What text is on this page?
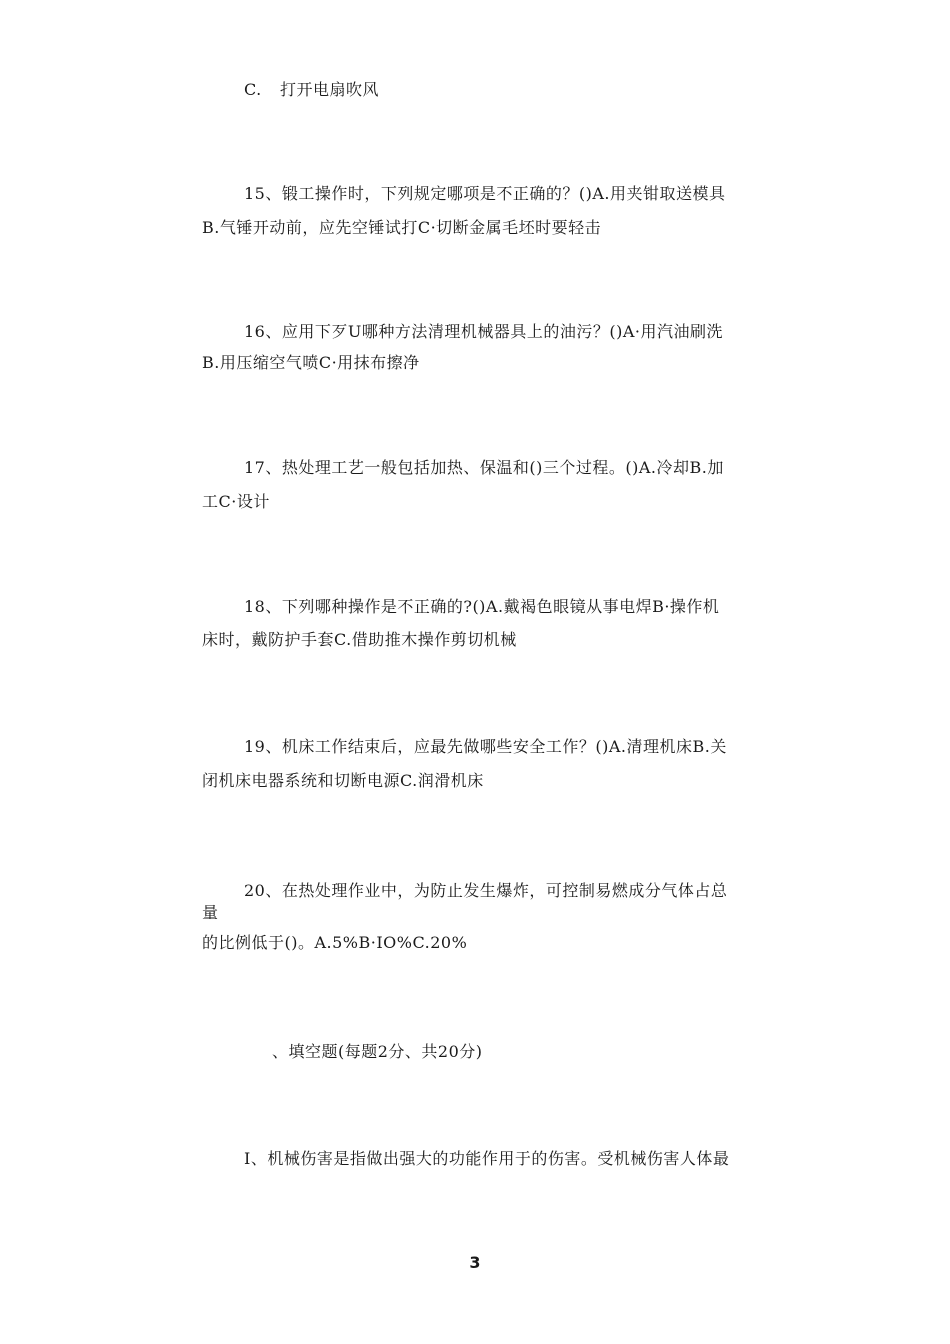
C. 打开电扇吹风
15、锻工操作时，下列规定哪项是不正确的？()A.用夹钳取送模具
B.气锤开动前，应先空锤试打C·切断金属毛坯时要轻击
16、应用下歹U哪种方法清理机械器具上的油污？()A·用汽油刷洗
B.用压缩空气喷C·用抹布擦净
17、热处理工艺一般包括加热、保温和()三个过程。()A.冷却B.加
工C·设计
18、下列哪种操作是不正确的?()A.戴褐色眼镜从事电焊B·操作机
床时，戴防护手套C.借助推木操作剪切机械
19、机床工作结束后，应最先做哪些安全工作？()A.清理机床B.关
闭机床电器系统和切断电源C.润滑机床
20、在热处理作业中，为防止发生爆炸，可控制易燃成分气体占总
量
的比例低于()。A.5%B·IO%C.20%
、填空题(每题2分、共20分)
I、机械伤害是指做出强大的功能作用于的伤害。受机械伤害人体最
3
